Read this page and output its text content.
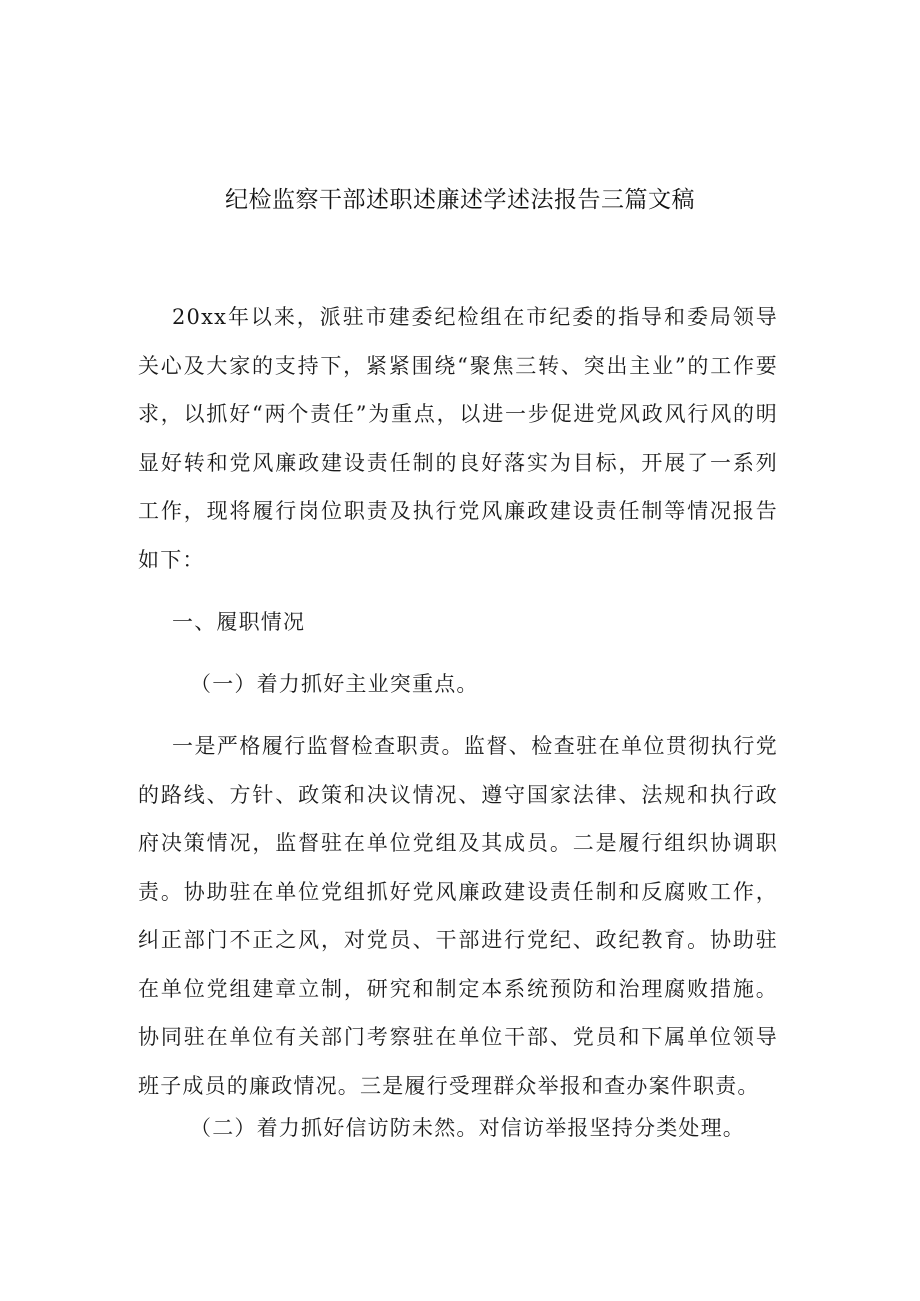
纪检监察干部述职述廉述学述法报告三篇文稿

20xx年以来，派驻市建委纪检组在市纪委的指导和委局领导关心及大家的支持下，紧紧围绕“聚焦三转、突出主业”的工作要求，以抓好“两个责任”为重点，以进一步促进党风政风行风的明显好转和党风廉政建设责任制的良好落实为目标，开展了一系列工作，现将履行岗位职责及执行党风廉政建设责任制等情况报告如下：

一、履职情况

（一）着力抓好主业突重点。

一是严格履行监督检查职责。监督、检查驻在单位贯彻执行党的路线、方针、政策和决议情况、遵守国家法律、法规和执行政府决策情况，监督驻在单位党组及其成员。二是履行组织协调职责。协助驻在单位党组抓好党风廉政建设责任制和反腐败工作，纠正部门不正之风，对党员、干部进行党纪、政纪教育。协助驻在单位党组建章立制，研究和制定本系统预防和治理腐败措施。协同驻在单位有关部门考察驻在单位干部、党员和下属单位领导班子成员的廉政情况。三是履行受理群众举报和查办案件职责。

（二）着力抓好信访防未然。对信访举报坚持分类处理。
